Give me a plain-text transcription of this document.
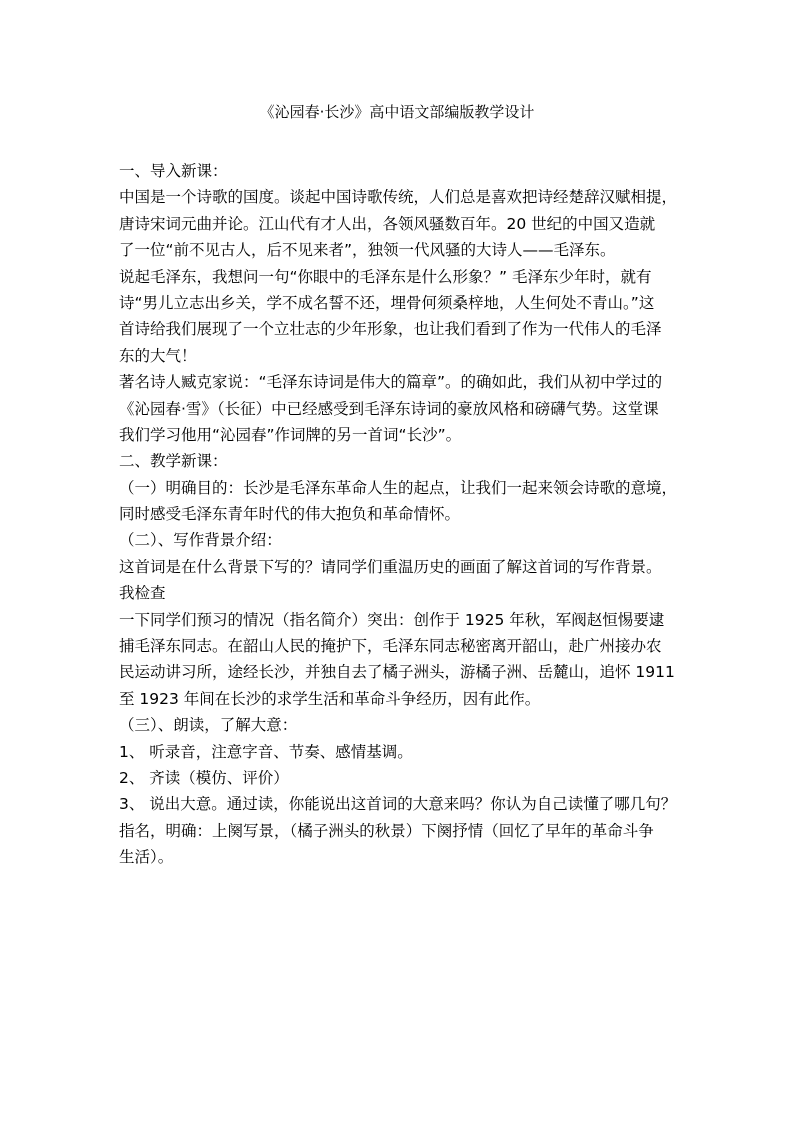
《沁园春·长沙》高中语文部编版教学设计
一、导入新课：
中国是一个诗歌的国度。谈起中国诗歌传统，人们总是喜欢把诗经楚辞汉赋相提，
唐诗宋词元曲并论。江山代有才人出，各领风骚数百年。20 世纪的中国又造就
了一位“前不见古人，后不见来者”，独领一代风骚的大诗人——毛泽东。
说起毛泽东，我想问一句“你眼中的毛泽东是什么形象？” 毛泽东少年时，就有
诗“男儿立志出乡关，学不成名誓不还，埋骨何须桑梓地，人生何处不青山。”这
首诗给我们展现了一个立壮志的少年形象，也让我们看到了作为一代伟人的毛泽
东的大气！
著名诗人臧克家说：“毛泽东诗词是伟大的篇章”。的确如此，我们从初中学过的
《沁园春·雪》（长征）中已经感受到毛泽东诗词的豪放风格和磅礴气势。这堂课
我们学习他用“沁园春”作词牌的另一首词“长沙”。
二、教学新课：
（一）明确目的：长沙是毛泽东革命人生的起点，让我们一起来领会诗歌的意境，
同时感受毛泽东青年时代的伟大抱负和革命情怀。
（二）、写作背景介绍：
这首词是在什么背景下写的？请同学们重温历史的画面了解这首词的写作背景。
我检查
一下同学们预习的情况（指名简介）突出：创作于 1925 年秋，军阀赵恒惕要逮
捕毛泽东同志。在韶山人民的掩护下，毛泽东同志秘密离开韶山，赴广州接办农
民运动讲习所，途经长沙，并独自去了橘子洲头，游橘子洲、岳麓山，追怀 1911
至 1923 年间在长沙的求学生活和革命斗争经历，因有此作。
（三）、朗读，了解大意：
1、 听录音，注意字音、节奏、感情基调。
2、 齐读（模仿、评价）
3、 说出大意。通过读，你能说出这首词的大意来吗？你认为自己读懂了哪几句？
指名，明确：上阕写景，（橘子洲头的秋景）下阕抒情（回忆了早年的革命斗争
生活）。
